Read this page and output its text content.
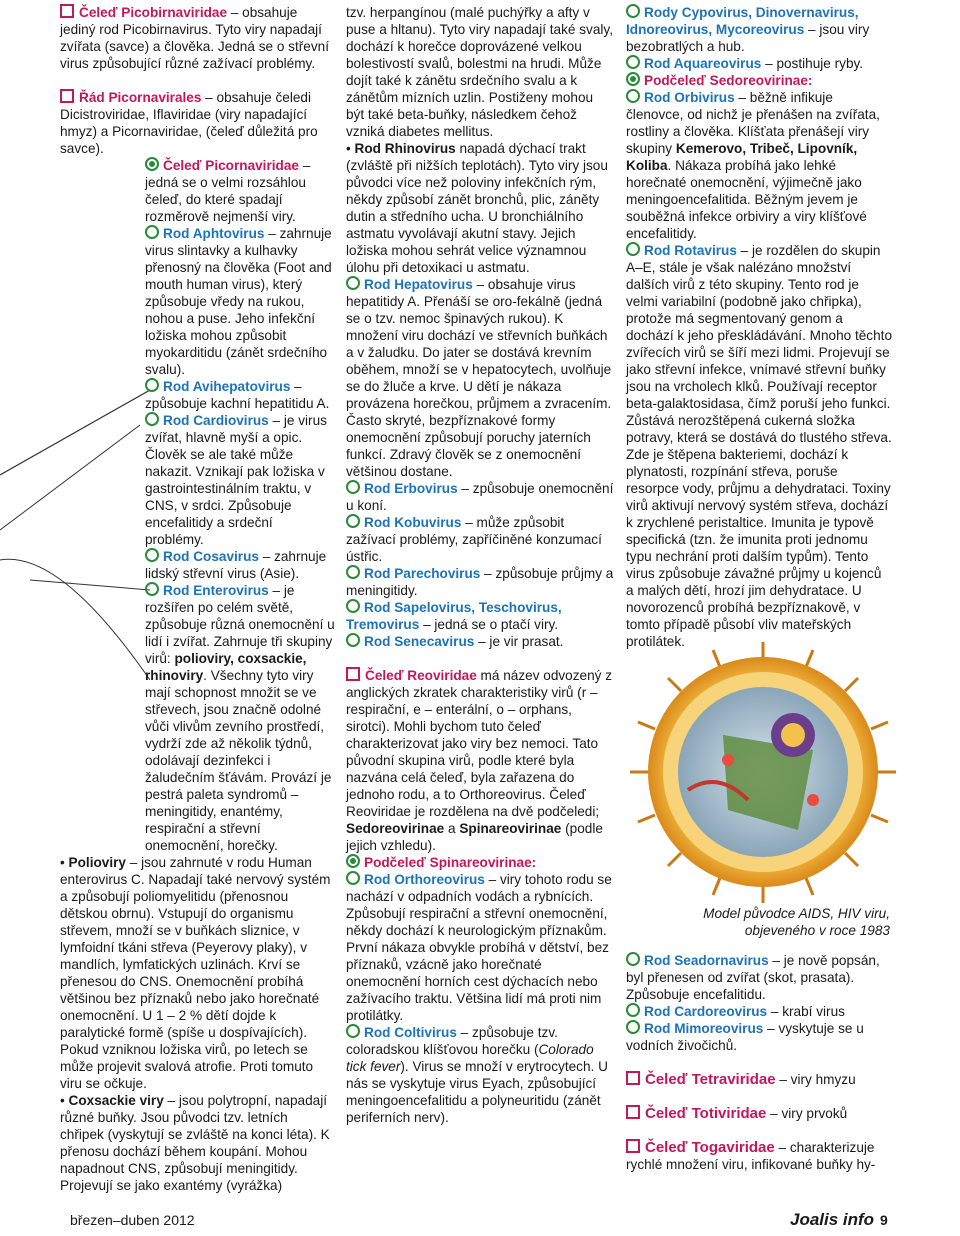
Čeleď Picobirnaviridae – obsahuje jediný rod Picobirnavirus. Tyto viry napadají zvířata (savce) a člověka. Jedná se o střevní virus způsobující různé zažívací problémy.

Řád Picornavirales – obsahuje čeledi Dicistroviridae, Iflaviridae (viry napadající hmyz) a Picornaviridae, (čeleď důležitá pro savce).

Čeleď Picornaviridae – jedná se o velmi rozsáhlou čeleď, do které spadají rozměrově nejmenší viry.

Rod Aphtovirus – zahrnuje virus slintavky a kulhavky přenosný na člověka (Foot and mouth human virus), který způsobuje vředy na rukou, nohou a puse. Jeho infekční ložiska mohou způsobit myokarditidu (zánět srdečního svalu).

Rod Avihepatovirus – způsobuje kachní hepatitidu A.

Rod Cardiovirus – je virus zvířat, hlavně myší a opic. Člověk se ale také může nakazit. Vznikají pak ložiska v gastrointestinálním traktu, v CNS, v srdci. Způsobuje encefalitidy a srdeční problémy.

Rod Cosavirus – zahrnuje lidský střevní virus (Asie).

Rod Enterovirus – je rozšířen po celém světě, způsobuje různá onemocnění u lidí i zvířat. Zahrnuje tři skupiny virů: polioviry, coxsackie, rhinoviry. Všechny tyto viry mají schopnost množit se ve střevech, jsou značně odolné vůči vlivům zevního prostředí, vydrží zde až několik týdnů, odolávají dezinfekci i žaludečním šťávám. Provází je pestrá paleta syndromů – meningitidy, enantémy, respirační a střevní onemocnění, horečky.

• Polioviry – jsou zahrnuté v rodu Human enterovirus C. Napadají také nervový systém a způsobují poliomyelitidu (přenosnou dětskou obrnu). Vstupují do organismu střevem, množí se v buňkách sliznice, v lymfoidní tkáni střeva (Peyerovy plaky), v mandlích, lymfatických uzlinách. Krví se přenesou do CNS. Onemocnění probíhá většinou bez příznaků nebo jako horečnaté onemocnění. U 1 – 2 % dětí dojde k paralytické formě (spíše u dospívajících). Pokud vzniknou ložiska virů, po letech se může projevit svalová atrofie. Proti tomuto viru se očkuje.

• Coxsackie viry – jsou polytropní, napadají různé buňky. Jsou původci tzv. letních chřipek (vyskytují se zvláště na konci léta). K přenosu dochází během koupání. Mohou napadnout CNS, způsobují meningitidy. Projevují se jako exantémy (vyrážka)

tzv. herpangínou (malé puchýřky a afty v puse a hltanu). Tyto viry napadají také svaly, dochází k horečce doprovázené velkou bolestivostí svalů, bolestmi na hrudi. Může dojít také k zánětu srdečního svalu a k zánětům mízních uzlin. Postiženy mohou být také beta-buňky, následkem čehož vzniká diabetes mellitus.

• Rod Rhinovirus napadá dýchací trakt (zvláště při nižších teplotách). Tyto viry jsou původci více než poloviny infekčních rým, někdy způsobí zánět bronchů, plic, záněty dutin a středního ucha. U bronchiálního astmatu vyvolávají akutní stavy. Jejich ložiska mohou sehrát velice významnou úlohu při detoxikaci u astmatu.

Rod Hepatovirus – obsahuje virus hepatitidy A. Přenáší se oro-fekálně (jedná se o tzv. nemoc špinavých rukou). K množení viru dochází ve střevních buňkách a v žaludku. Do jater se dostává krevním oběhem, množí se v hepatocytech, uvolňuje se do žluče a krve. U dětí je nákaza provázena horečkou, průjmem a zvracením. Často skryté, bezpříznakové formy onemocnění způsobují poruchy jaterních funkcí. Zdravý člověk se z onemocnění většinou dostane.

Rod Erbovirus – způsobuje onemocnění u koní.

Rod Kobuvirus – může způsobit zažívací problémy, zapříčiněné konzumací ústřic.

Rod Parechovirus – způsobuje průjmy a meningitidy.

Rod Sapelovirus, Teschovirus, Tremovirus – jedná se o ptačí viry.

Rod Senecavirus – je vir prasat.

Čeleď Reoviridae má název odvozený z anglických zkratek charakteristiky virů (r – respirační, e – enterální, o – orphans, sirotci). Mohli bychom tuto čeleď charakterizovat jako viry bez nemoci. Tato původní skupina virů, podle které byla nazvána celá čeleď, byla zařazena do jednoho rodu, a to Orthoreovirus. Čeleď Reoviridae je rozdělena na dvě podčeledi; Sedoreovirinae a Spinareovirinae (podle jejich vzhledu).

Podčeleď Spinareovirinae:

Rod Orthoreovirus – viry tohoto rodu se nachází v odpadních vodách a rybnících. Způsobují respirační a střevní onemocnění, někdy dochází k neurologickým příznakům. První nákaza obvykle probíhá v dětství, bez příznaků, vzácně jako horečnaté onemocnění horních cest dýchacích nebo zažívacího traktu. Většina lidí má proti nim protilátky.

Rod Coltivirus – způsobuje tzv. coloradskou klíšťovou horečku (Colorado tick fever). Virus se množí v erytrocytech. U nás se vyskytuje virus Eyach, způsobující meningoencefalitidu a polyneuritidu (zánět periferních nerv).

Rody Cypovirus, Dinovernavirus, Idnoreovirus, Mycoreovirus – jsou viry bezobratlých a hub.

Rod Aquareovirus – postihuje ryby.

Podčeleď Sedoreovirinae:

Rod Orbivirus – běžně infikuje členovce, od nichž je přenášen na zvířata, rostliny a člověka. Klíšťata přenášejí viry skupiny Kemerovo, Tribeč, Lipovník, Koliba. Nákaza probíhá jako lehké horečnaté onemocnění, výjimečně jako meningoencefalitida. Běžným jevem je souběžná infekce orbiviry a viry klíšťové encefalitidy.

Rod Rotavirus – je rozdělen do skupin A–E, stále je však nalézáno množství dalších virů z této skupiny. Tento rod je velmi variabilní (podobně jako chřipka), protože má segmentovaný genom a dochází k jeho přeskládávání. Mnoho těchto zvířecích virů se šíří mezi lidmi. Projevují se jako střevní infekce, vnímavé střevní buňky jsou na vrcholech klků. Používají receptor beta-galaktosidasa, čímž poruší jeho funkci. Zůstává nerozštěpená cukerná složka potravy, která se dostává do tlustého střeva. Zde je štěpena bakteriemi, dochází k plynatosti, rozpínání střeva, poruše resorpce vody, průjmu a dehydrataci. Toxiny virů aktivují nervový systém střeva, dochází k zrychlené peristaltice. Imunita je typově specifická (tzn. že imunita proti jednomu typu nechrání proti dalším typům). Tento virus způsobuje závažné průjmy u kojenců a malých dětí, hrozí jim dehydratace. U novorozenců probíhá bezpříznakově, v tomto případě působí vliv mateřských protilátek.

Model původce AIDS, HIV viru,
objeveného v roce 1983

Rod Seadornavirus – je nově popsán, byl přenesen od zvířat (skot, prasata). Způsobuje encefalitidu.

Rod Cardoreovirus – krabí virus

Rod Mimoreovirus – vyskytuje se u vodních živočichů.

Čeleď Tetraviridae – viry hmyzu

Čeleď Totiviridae – viry prvoků

Čeleď Togaviridae – charakterizuje rychlé množení viru, infikované buňky hy-

březen–duben 2012	Joalis info 9
